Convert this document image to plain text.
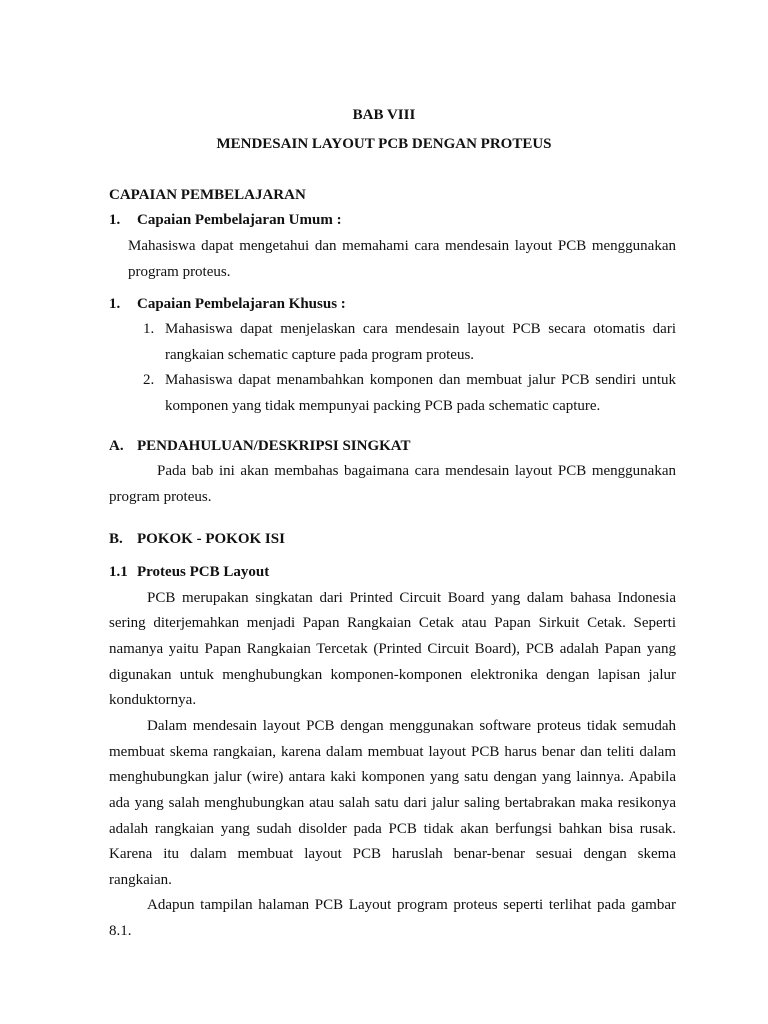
BAB VIII
MENDESAIN LAYOUT PCB DENGAN PROTEUS
CAPAIAN PEMBELAJARAN
1. Capaian Pembelajaran Umum :
Mahasiswa dapat mengetahui dan memahami cara mendesain layout PCB menggunakan
program proteus.
1. Capaian Pembelajaran Khusus :
1. Mahasiswa dapat menjelaskan cara mendesain layout PCB secara otomatis dari
rangkaian schematic capture pada program proteus.
2. Mahasiswa dapat menambahkan komponen dan membuat jalur PCB sendiri untuk
komponen yang tidak mempunyai packing PCB pada schematic capture.
A. PENDAHULUAN/DESKRIPSI SINGKAT
Pada bab ini akan membahas bagaimana cara mendesain layout PCB menggunakan
program proteus.
B. POKOK - POKOK ISI
1.1 Proteus PCB Layout
PCB merupakan singkatan dari Printed Circuit Board yang dalam bahasa Indonesia
sering diterjemahkan menjadi Papan Rangkaian Cetak atau Papan Sirkuit Cetak. Seperti
namanya yaitu Papan Rangkaian Tercetak (Printed Circuit Board), PCB adalah Papan yang
digunakan untuk menghubungkan komponen-komponen elektronika dengan lapisan jalur
konduktornya.
Dalam mendesain layout PCB dengan menggunakan software proteus tidak semudah
membuat skema rangkaian, karena dalam membuat layout PCB harus benar dan teliti dalam
menghubungkan jalur (wire) antara kaki komponen yang satu dengan yang lainnya. Apabila
ada yang salah menghubungkan atau salah satu dari jalur saling bertabrakan maka resikonya
adalah rangkaian yang sudah disolder pada PCB tidak akan berfungsi bahkan bisa rusak.
Karena itu dalam membuat layout PCB haruslah benar-benar sesuai dengan skema
rangkaian.
Adapun tampilan halaman PCB Layout program proteus seperti terlihat pada gambar
8.1.
